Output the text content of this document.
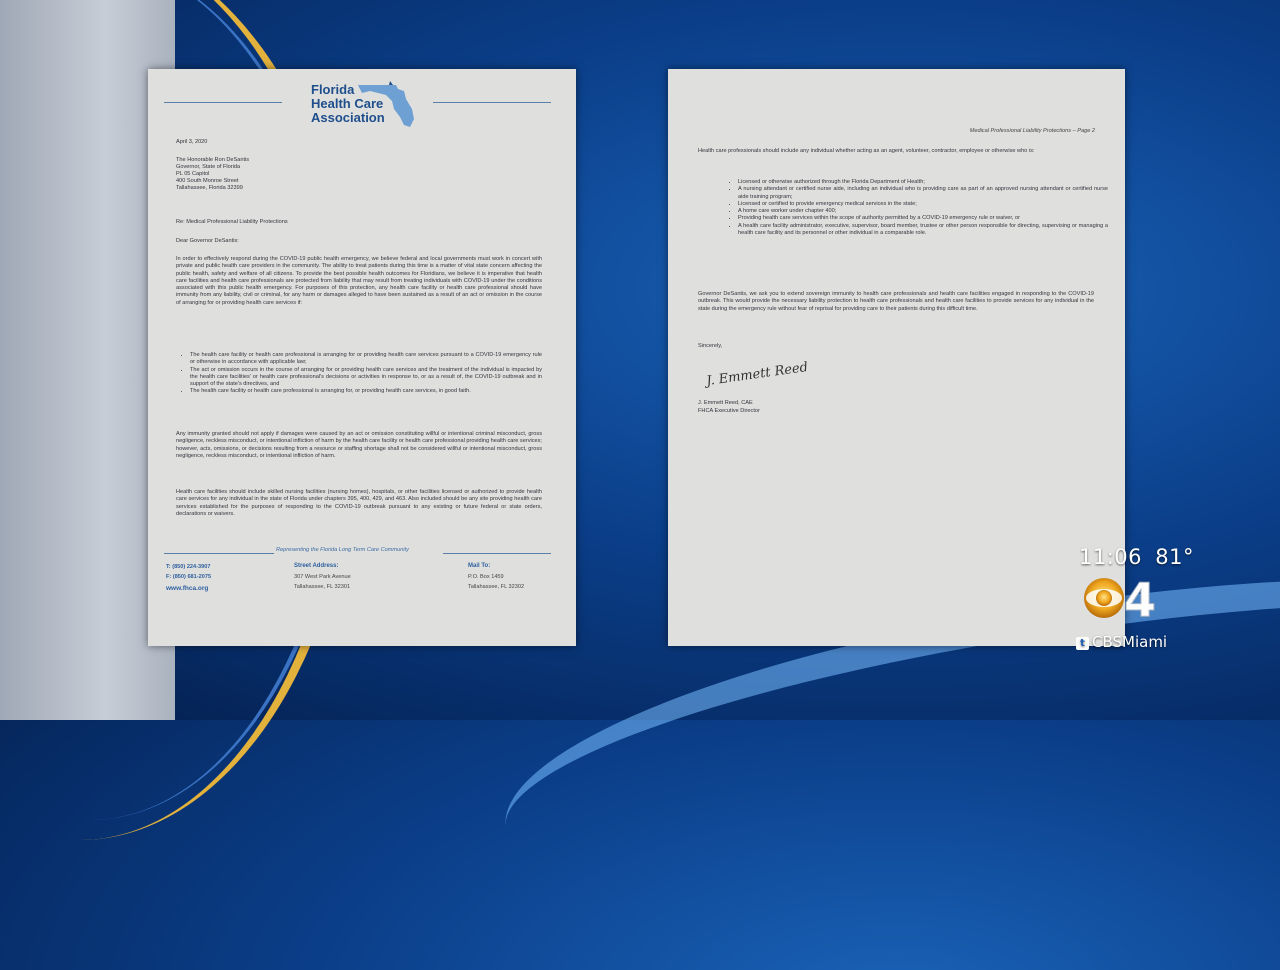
Florida
Health Care
Association
April 3, 2020
The Honorable Ron DeSantis
Governor, State of Florida
PL 05 Capitol
400 South Monroe Street
Tallahassee, Florida 32399
Re: Medical Professional Liability Protections
Dear Governor DeSantis:
In order to effectively respond during the COVID-19 public health emergency, we believe federal and local governments must work in concert with private and public health care providers in the community. The ability to treat patients during this time is a matter of vital state concern affecting the public health, safety and welfare of all citizens. To provide the best possible health outcomes for Floridians, we believe it is imperative that health care facilities and health care professionals are protected from liability that may result from treating individuals with COVID-19 under the conditions associated with this public health emergency. For purposes of this protection, any health care facility or health care professional should have immunity from any liability, civil or criminal, for any harm or damages alleged to have been sustained as a result of an act or omission in the course of arranging for or providing health care services if:
• The health care facility or health care professional is arranging for or providing health care services pursuant to a COVID-19 emergency rule or otherwise in accordance with applicable law;
• The act or omission occurs in the course of arranging for or providing health care services and the treatment of the individual is impacted by the health care facilities' or health care professional's decisions or activities in response to, or as a result of, the COVID-19 outbreak and in support of the state's directives, and
• The health care facility or health care professional is arranging for, or providing health care services, in good faith.
Any immunity granted should not apply if damages were caused by an act or omission constituting willful or intentional criminal misconduct, gross negligence, reckless misconduct, or intentional infliction of harm by the health care facility or health care professional providing health care services; however, acts, omissions, or decisions resulting from a resource or staffing shortage shall not be considered willful or intentional misconduct, gross negligence, reckless misconduct, or intentional infliction of harm.
Health care facilities should include skilled nursing facilities (nursing homes), hospitals, or other facilities licensed or authorized to provide health care services for any individual in the state of Florida under chapters 395, 400, 429, and 463. Also included should be any site providing health care services established for the purposes of responding to the COVID-19 outbreak pursuant to any existing or future federal or state orders, declarations or waivers.
Representing the Florida Long Term Care Community
T: (850) 224-3907
F: (850) 681-2075
www.fhca.org
Street Address:
307 West Park Avenue
Tallahassee, FL 32301
Mail To:
P.O. Box 1459
Tallahassee, FL 32302
Medical Professional Liability Protections – Page 2
Health care professionals should include any individual whether acting as an agent, volunteer, contractor, employee or otherwise who is:
• Licensed or otherwise authorized through the Florida Department of Health;
• A nursing attendant or certified nurse aide, including an individual who is providing care as part of an approved nursing attendant or certified nurse aide training program;
• Licensed or certified to provide emergency medical services in the state;
• A home care worker under chapter 400;
• Providing health care services within the scope of authority permitted by a COVID-19 emergency rule or waiver, or
• A health care facility administrator, executive, supervisor, board member, trustee or other person responsible for directing, supervising or managing a health care facility and its personnel or other individual in a comparable role.
Governor DeSantis, we ask you to extend sovereign immunity to health care professionals and health care facilities engaged in responding to the COVID-19 outbreak. This would provide the necessary liability protection to health care professionals and health care facilities to provide services for any individual in the state during the emergency rule without fear of reprisal for providing care to their patients during this difficult time.
Sincerely,
J. Emmett Reed
J. Emmett Reed, CAE
FHCA Executive Director
11:06 81°
4
t CBSMiami
